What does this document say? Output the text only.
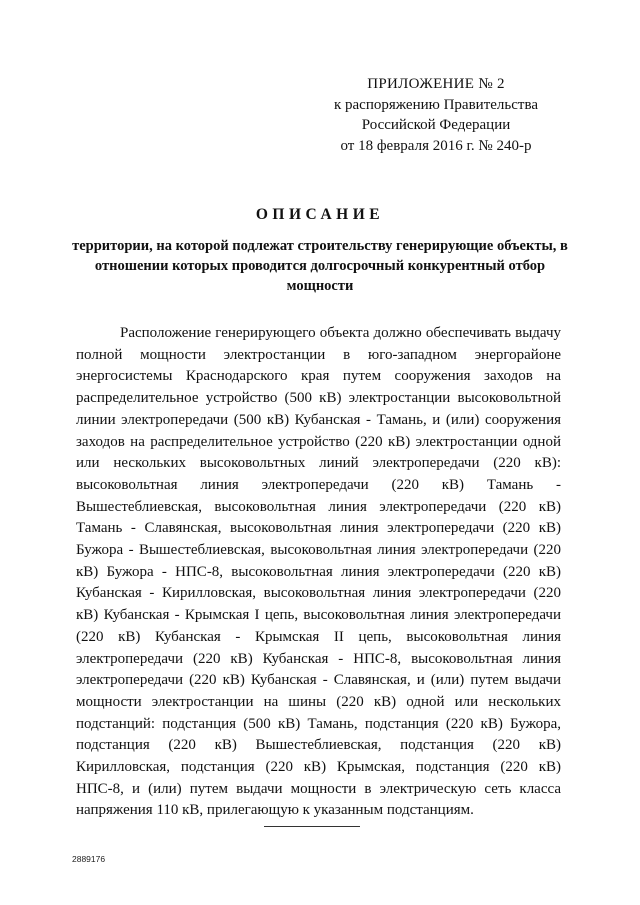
ПРИЛОЖЕНИЕ № 2
к распоряжению Правительства
Российской Федерации
от 18 февраля 2016 г. № 240-р
ОПИСАНИЕ
территории, на которой подлежат строительству генерирующие объекты, в отношении которых проводится долгосрочный конкурентный отбор мощности
Расположение генерирующего объекта должно обеспечивать выдачу полной мощности электростанции в юго-западном энергорайоне энергосистемы Краснодарского края путем сооружения заходов на распределительное устройство (500 кВ) электростанции высоковольтной линии электропередачи (500 кВ) Кубанская - Тамань, и (или) сооружения заходов на распределительное устройство (220 кВ) электростанции одной или нескольких высоковольтных линий электропередачи (220 кВ): высоковольтная линия электропередачи (220 кВ) Тамань - Вышестеблиевская, высоковольтная линия электропередачи (220 кВ) Тамань - Славянская, высоковольтная линия электропередачи (220 кВ) Бужора - Вышестеблиевская, высоковольтная линия электропередачи (220 кВ) Бужора - НПС-8, высоковольтная линия электропередачи (220 кВ) Кубанская - Кирилловская, высоковольтная линия электропередачи (220 кВ) Кубанская - Крымская I цепь, высоковольтная линия электропередачи (220 кВ) Кубанская - Крымская II цепь, высоковольтная линия электропередачи (220 кВ) Кубанская - НПС-8, высоковольтная линия электропередачи (220 кВ) Кубанская - Славянская, и (или) путем выдачи мощности электростанции на шины (220 кВ) одной или нескольких подстанций: подстанция (500 кВ) Тамань, подстанция (220 кВ) Бужора, подстанция (220 кВ) Вышестеблиевская, подстанция (220 кВ) Кирилловская, подстанция (220 кВ) Крымская, подстанция (220 кВ) НПС-8, и (или) путем выдачи мощности в электрическую сеть класса напряжения 110 кВ, прилегающую к указанным подстанциям.
2889176
